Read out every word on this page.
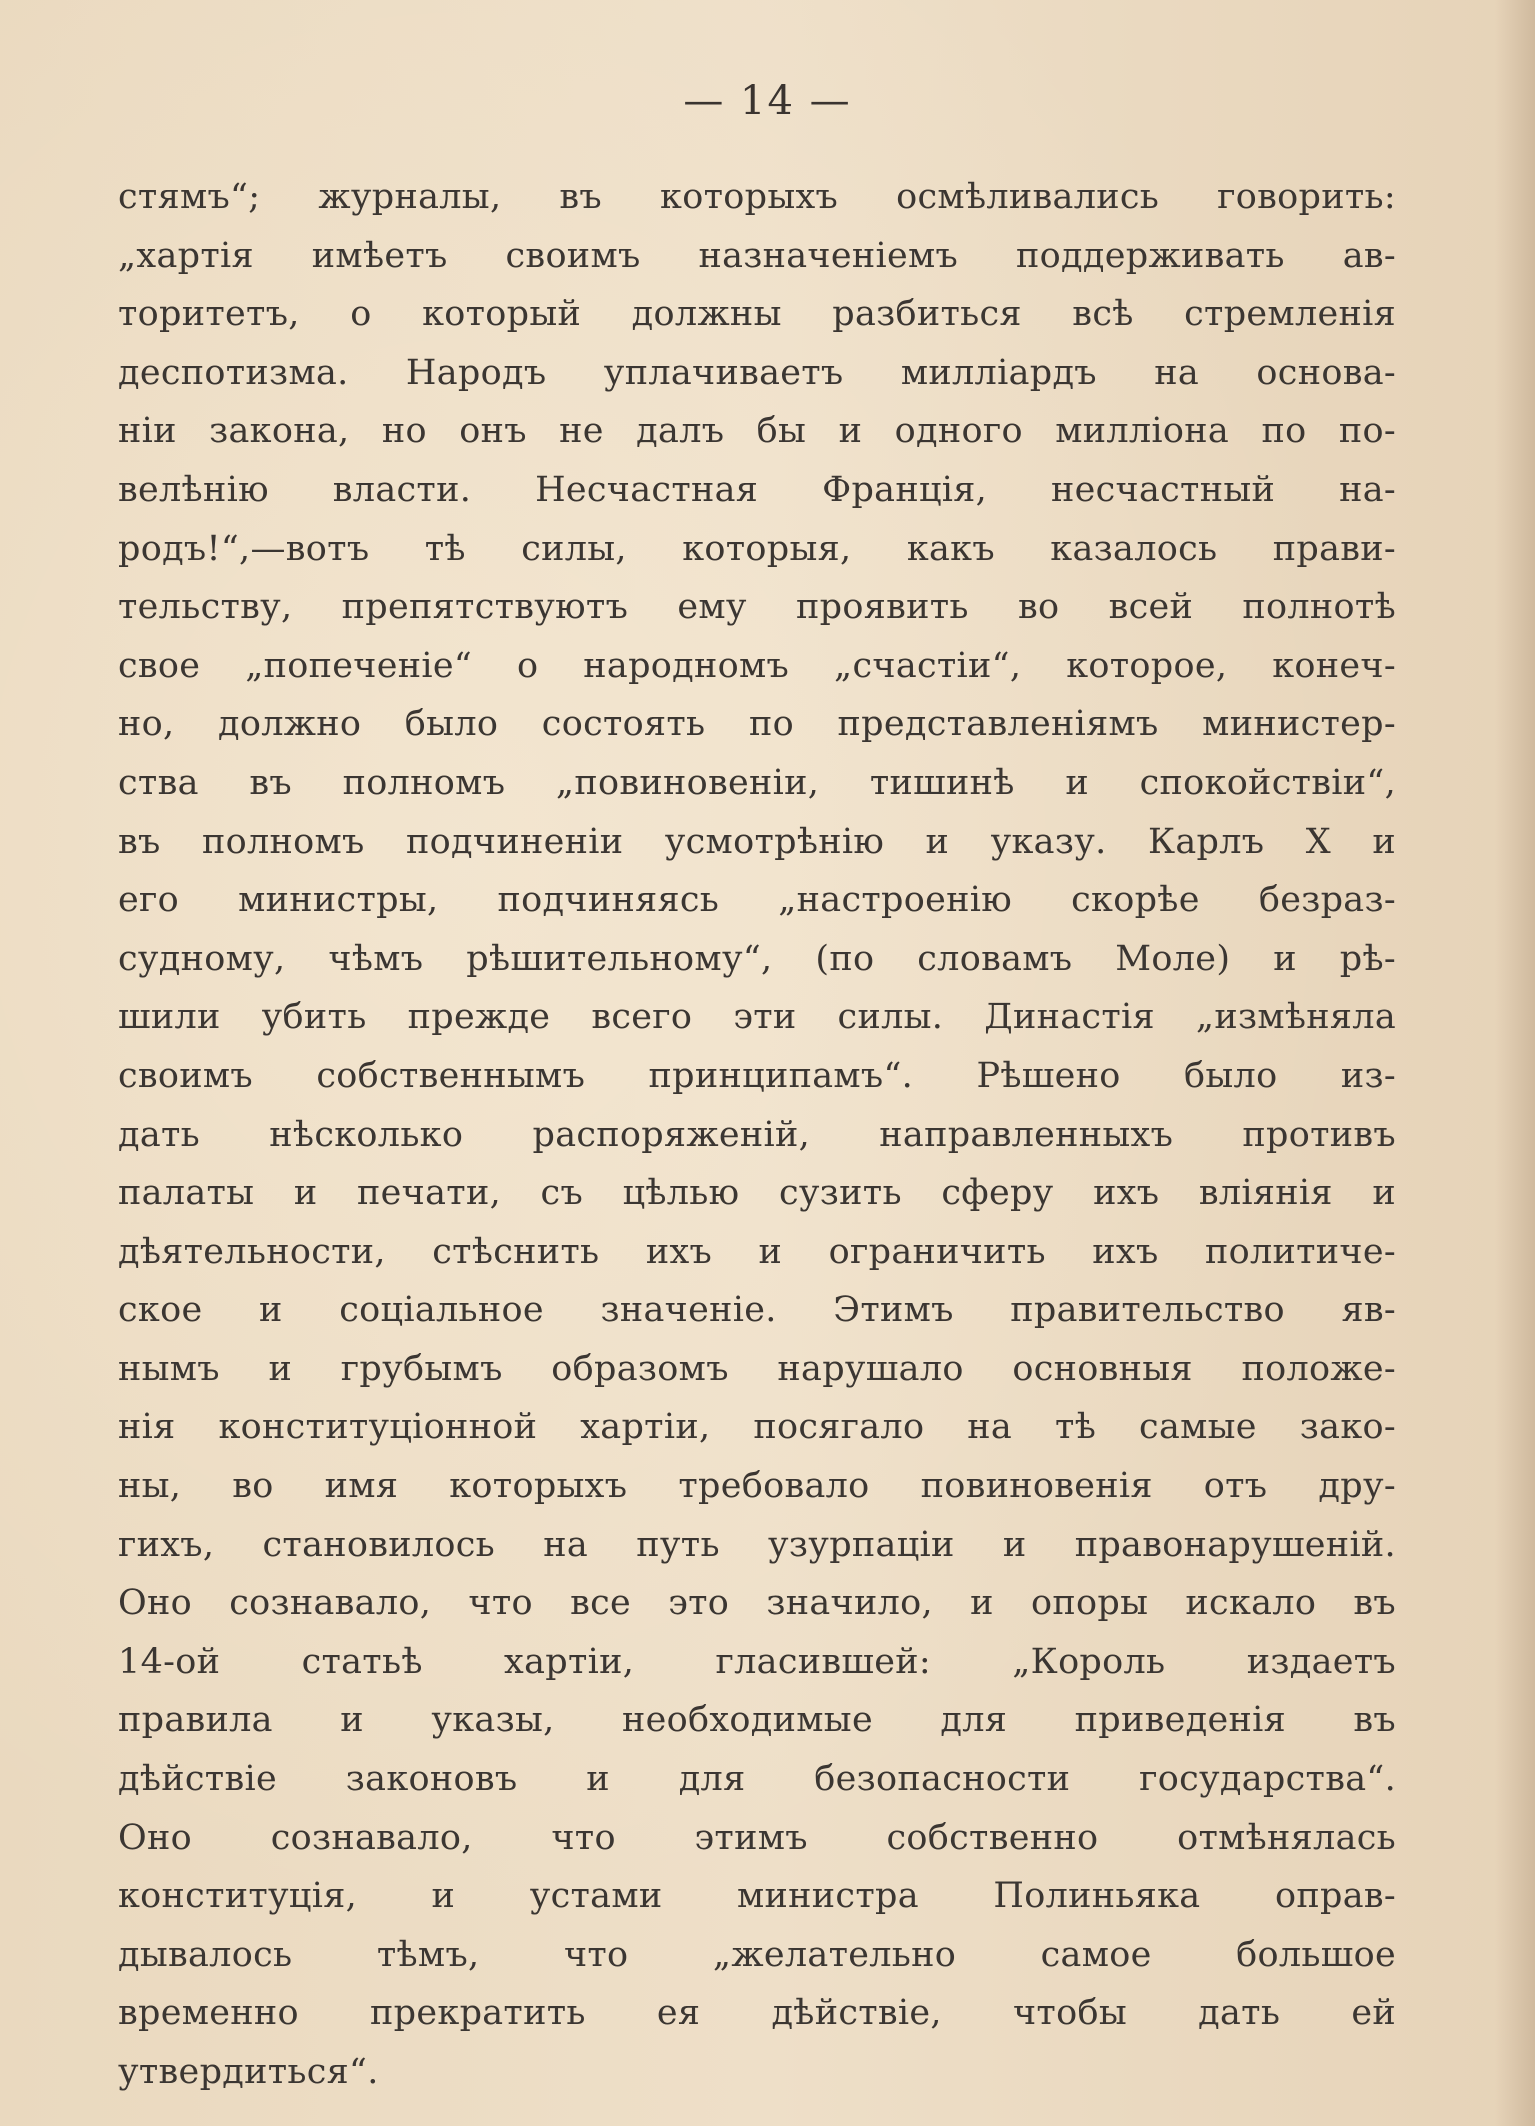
— 14 —
стямъ“; журналы, въ которыхъ осмѣливались говорить:
„хартія имѣетъ своимъ назначеніемъ поддерживать ав-
торитетъ, о который должны разбиться всѣ стремленія
деспотизма. Народъ уплачиваетъ милліардъ на основа-
ніи закона, но онъ не далъ бы и одного милліона по по-
велѣнію власти. Несчастная Франція, несчастный на-
родъ!“,—вотъ тѣ силы, которыя, какъ казалось прави-
тельству, препятствуютъ ему проявить во всей полнотѣ
свое „попеченіе“ о народномъ „счастіи“, которое, конеч-
но, должно было состоять по представленіямъ министер-
ства въ полномъ „повиновеніи, тишинѣ и спокойствіи“,
въ полномъ подчиненіи усмотрѣнію и указу. Карлъ X и
его министры, подчиняясь „настроенію скорѣе безраз-
судному, чѣмъ рѣшительному“, (по словамъ Моле) и рѣ-
шили убить прежде всего эти силы. Династія „измѣняла
своимъ собственнымъ принципамъ“. Рѣшено было из-
дать нѣсколько распоряженій, направленныхъ противъ
палаты и печати, съ цѣлью сузить сферу ихъ вліянія и
дѣятельности, стѣснить ихъ и ограничить ихъ политиче-
ское и соціальное значеніе. Этимъ правительство яв-
нымъ и грубымъ образомъ нарушало основныя положе-
нія конституціонной хартіи, посягало на тѣ самые зако-
ны, во имя которыхъ требовало повиновенія отъ дру-
гихъ, становилось на путь узурпаціи и правонарушеній.
Оно сознавало, что все это значило, и опоры искало въ
14-ой статьѣ хартіи, гласившей: „Король издаетъ
правила и указы, необходимые для приведенія въ
дѣйствіе законовъ и для безопасности государства“.
Оно сознавало, что этимъ собственно отмѣнялась
конституція, и устами министра Полиньяка оправ-
дывалось тѣмъ, что „желательно самое большое
временно прекратить ея дѣйствіе, чтобы дать ей
утвердиться“.
